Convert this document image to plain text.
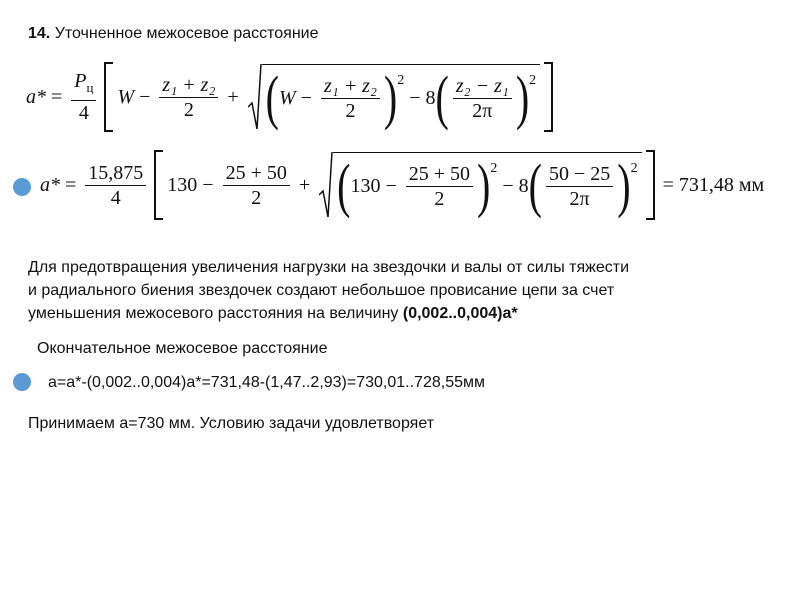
14. Уточненное межосевое расстояние
$a* = \frac{P_ц}{4}$ $W - \frac{\text{z₁ + z₂}}{2}$ + ( $W - \frac{\text{z₁ + z₂}}{2}$ ) 2
− 8 ( $\frac{\text{z₂ − z₁}}{2\pi}$ ) 2
$a* = \frac{15,875}{4} 130 - \frac{25 + 50}{2}$ + ( $130 - \frac{25 + 50}{2}$ ) 2
− 8 ( $\frac{50 - 25}{2\pi}$ ) 2
= 731,48 мм
Для предотвращения увеличения нагрузки на звездочки и валы от силы тяжести
и радиального биения звездочек создают небольшое провисание цепи за счет
уменьшения межосевого расстояния на величину (0,002..0,004)а*
Окончательное межосевое расстояние
а=а*-(0,002..0,004)а*=731,48-(1,47..2,93)=730,01..728,55мм
Принимаем а=730 мм. Условию задачи удовлетворяет
